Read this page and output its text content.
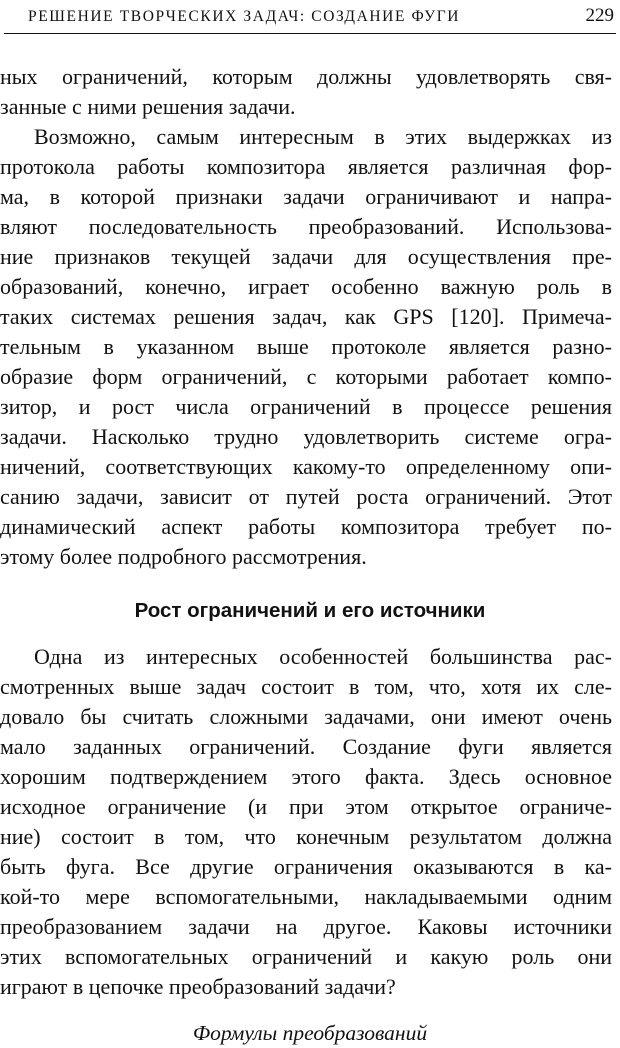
РЕШЕНИЕ ТВОРЧЕСКИХ ЗАДАЧ: СОЗДАНИЕ ФУГИ	229
ных ограничений, которым должны удовлетворять свя-
занные с ними решения задачи.
Возможно, самым интересным в этих выдержках из
протокола работы композитора является различная фор-
ма, в которой признаки задачи ограничивают и напра-
вляют последовательность преобразований. Использова-
ние признаков текущей задачи для осуществления пре-
образований, конечно, играет особенно важную роль в
таких системах решения задач, как GPS [120]. Примеча-
тельным в указанном выше протоколе является разно-
образие форм ограничений, с которыми работает компо-
зитор, и рост числа ограничений в процессе решения
задачи. Насколько трудно удовлетворить системе огра-
ничений, соответствующих какому-то определенному опи-
санию задачи, зависит от путей роста ограничений. Этот
динамический аспект работы композитора требует по-
этому более подробного рассмотрения.
Рост ограничений и его источники
Одна из интересных особенностей большинства рас-
смотренных выше задач состоит в том, что, хотя их сле-
довало бы считать сложными задачами, они имеют очень
мало заданных ограничений. Создание фуги является
хорошим подтверждением этого факта. Здесь основное
исходное ограничение (и при этом открытое ограниче-
ние) состоит в том, что конечным результатом должна
быть фуга. Все другие ограничения оказываются в ка-
кой-то мере вспомогательными, накладываемыми одним
преобразованием задачи на другое. Каковы источники
этих вспомогательных ограничений и какую роль они
играют в цепочке преобразований задачи?
Формулы преобразований
